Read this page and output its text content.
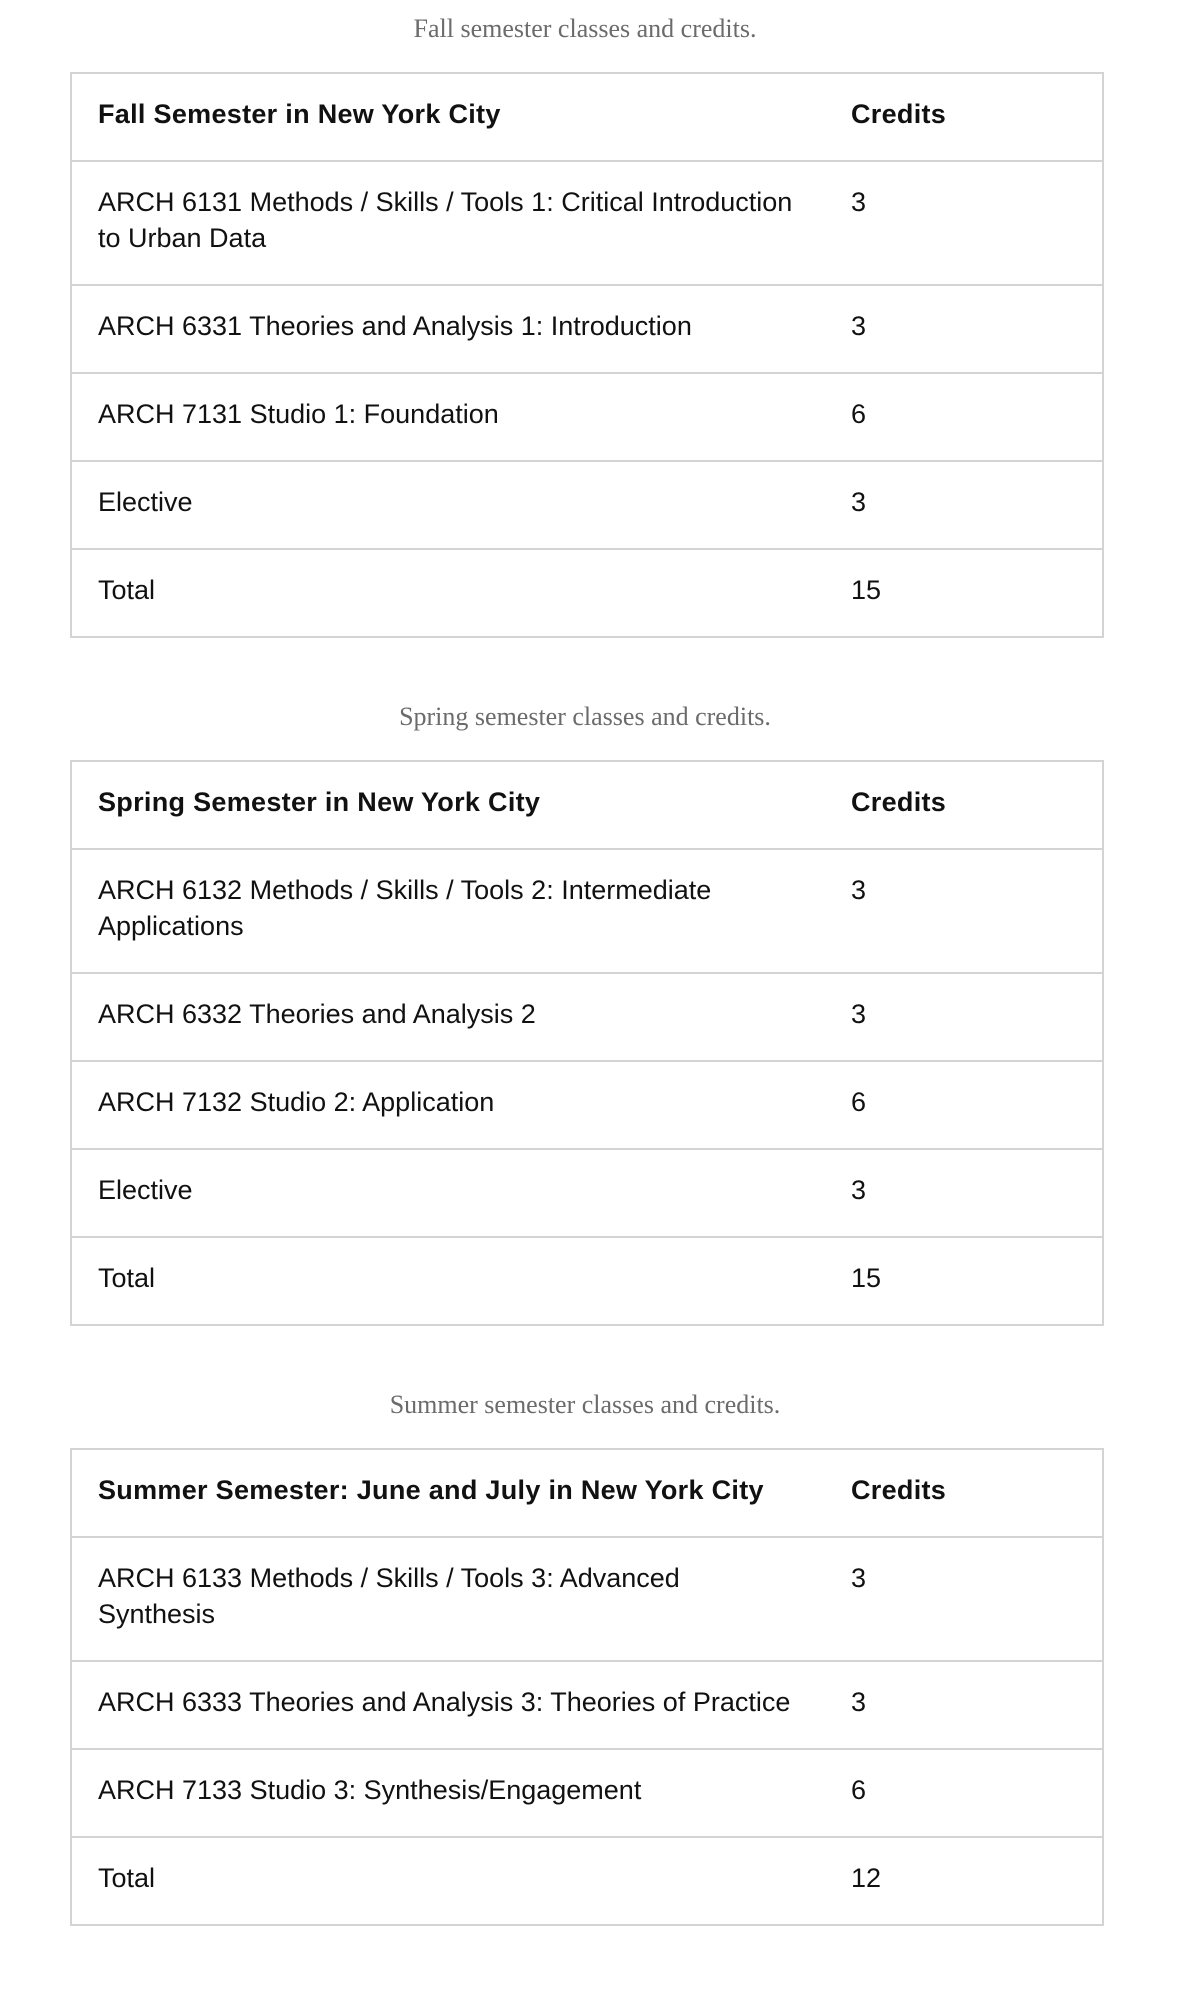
Fall semester classes and credits.
Fall Semester in New York City	Credits
ARCH 6131 Methods / Skills / Tools 1: Critical Introduction to Urban Data	3
ARCH 6331 Theories and Analysis 1: Introduction	3
ARCH 7131 Studio 1: Foundation	6
Elective	3
Total	15
Spring semester classes and credits.
Spring Semester in New York City	Credits
ARCH 6132 Methods / Skills / Tools 2: Intermediate Applications	3
ARCH 6332 Theories and Analysis 2	3
ARCH 7132 Studio 2: Application	6
Elective	3
Total	15
Summer semester classes and credits.
Summer Semester: June and July in New York City	Credits
ARCH 6133 Methods / Skills / Tools 3: Advanced Synthesis	3
ARCH 6333 Theories and Analysis 3: Theories of Practice	3
ARCH 7133 Studio 3: Synthesis/Engagement	6
Total	12
